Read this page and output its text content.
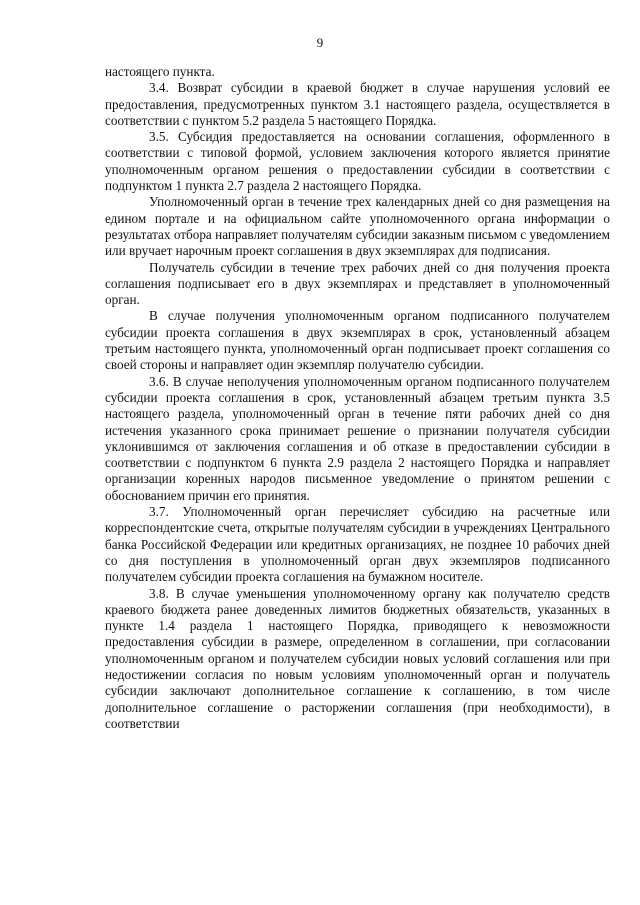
9

настоящего пункта.

3.4. Возврат субсидии в краевой бюджет в случае нарушения условий ее предоставления, предусмотренных пунктом 3.1 настоящего раздела, осуществляется в соответствии с пунктом 5.2 раздела 5 настоящего Порядка.

3.5. Субсидия предоставляется на основании соглашения, оформленного в соответствии с типовой формой, условием заключения которого является принятие уполномоченным органом решения о предоставлении субсидии в соответствии с подпунктом 1 пункта 2.7 раздела 2 настоящего Порядка.

Уполномоченный орган в течение трех календарных дней со дня размещения на едином портале и на официальном сайте уполномоченного органа информации о результатах отбора направляет получателям субсидии заказным письмом с уведомлением или вручает нарочным проект соглашения в двух экземплярах для подписания.

Получатель субсидии в течение трех рабочих дней со дня получения проекта соглашения подписывает его в двух экземплярах и представляет в уполномоченный орган.

В случае получения уполномоченным органом подписанного получателем субсидии проекта соглашения в двух экземплярах в срок, установленный абзацем третьим настоящего пункта, уполномоченный орган подписывает проект соглашения со своей стороны и направляет один экземпляр получателю субсидии.

3.6. В случае неполучения уполномоченным органом подписанного получателем субсидии проекта соглашения в срок, установленный абзацем третьим пункта 3.5 настоящего раздела, уполномоченный орган в течение пяти рабочих дней со дня истечения указанного срока принимает решение о признании получателя субсидии уклонившимся от заключения соглашения и об отказе в предоставлении субсидии в соответствии с подпунктом 6 пункта 2.9 раздела 2 настоящего Порядка и направляет организации коренных народов письменное уведомление о принятом решении с обоснованием причин его принятия.

3.7. Уполномоченный орган перечисляет субсидию на расчетные или корреспондентские счета, открытые получателям субсидии в учреждениях Центрального банка Российской Федерации или кредитных организациях, не позднее 10 рабочих дней со дня поступления в уполномоченный орган двух экземпляров подписанного получателем субсидии проекта соглашения на бумажном носителе.

3.8. В случае уменьшения уполномоченному органу как получателю средств краевого бюджета ранее доведенных лимитов бюджетных обязательств, указанных в пункте 1.4 раздела 1 настоящего Порядка, приводящего к невозможности предоставления субсидии в размере, определенном в соглашении, при согласовании уполномоченным органом и получателем субсидии новых условий соглашения или при недостижении согласия по новым условиям уполномоченный орган и получатель субсидии заключают дополнительное соглашение к соглашению, в том числе дополнительное соглашение о расторжении соглашения (при необходимости), в соответствии
